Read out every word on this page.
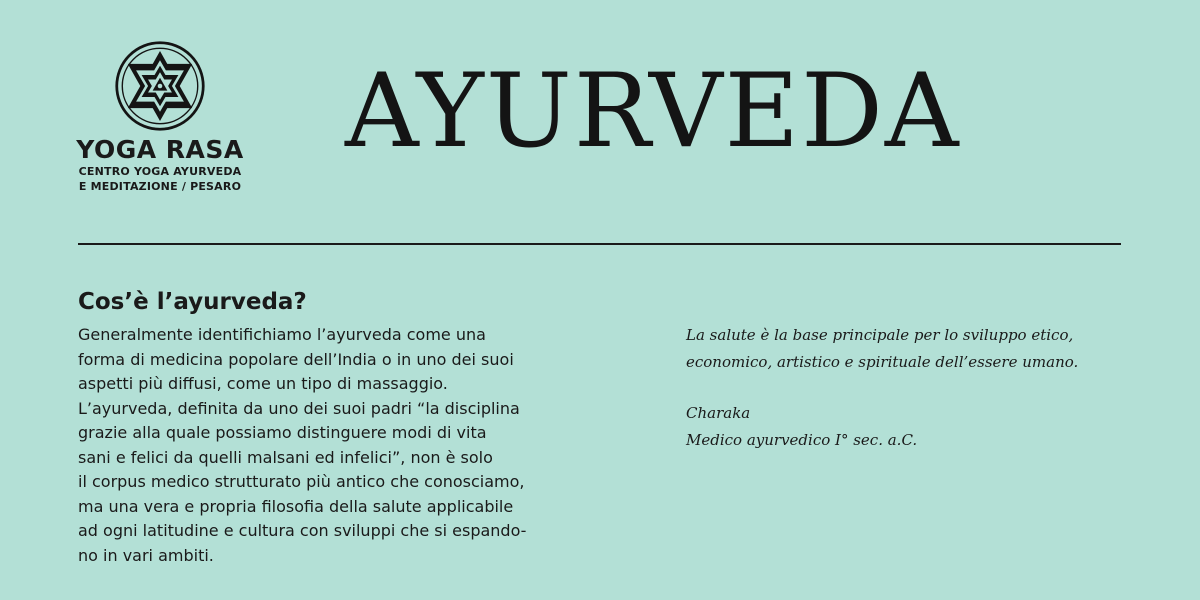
YOGA RASA
CENTRO YOGA AYURVEDA
E MEDITAZIONE / PESARO
AYURVEDA
Cos’è l’ayurveda?
Generalmente identifichiamo l’ayurveda come una
forma di medicina popolare dell’India o in uno dei suoi
aspetti più diffusi, come un tipo di massaggio.
L’ayurveda, definita da uno dei suoi padri “la disciplina
grazie alla quale possiamo distinguere modi di vita
sani e felici da quelli malsani ed infelici”, non è solo
il corpus medico strutturato più antico che conosciamo,
ma una vera e propria filosofia della salute applicabile
ad ogni latitudine e cultura con sviluppi che si espando-
no in vari ambiti.
La salute è la base principale per lo sviluppo etico,
economico, artistico e spirituale dell’essere umano.
Charaka
Medico ayurvedico I° sec. a.C.
